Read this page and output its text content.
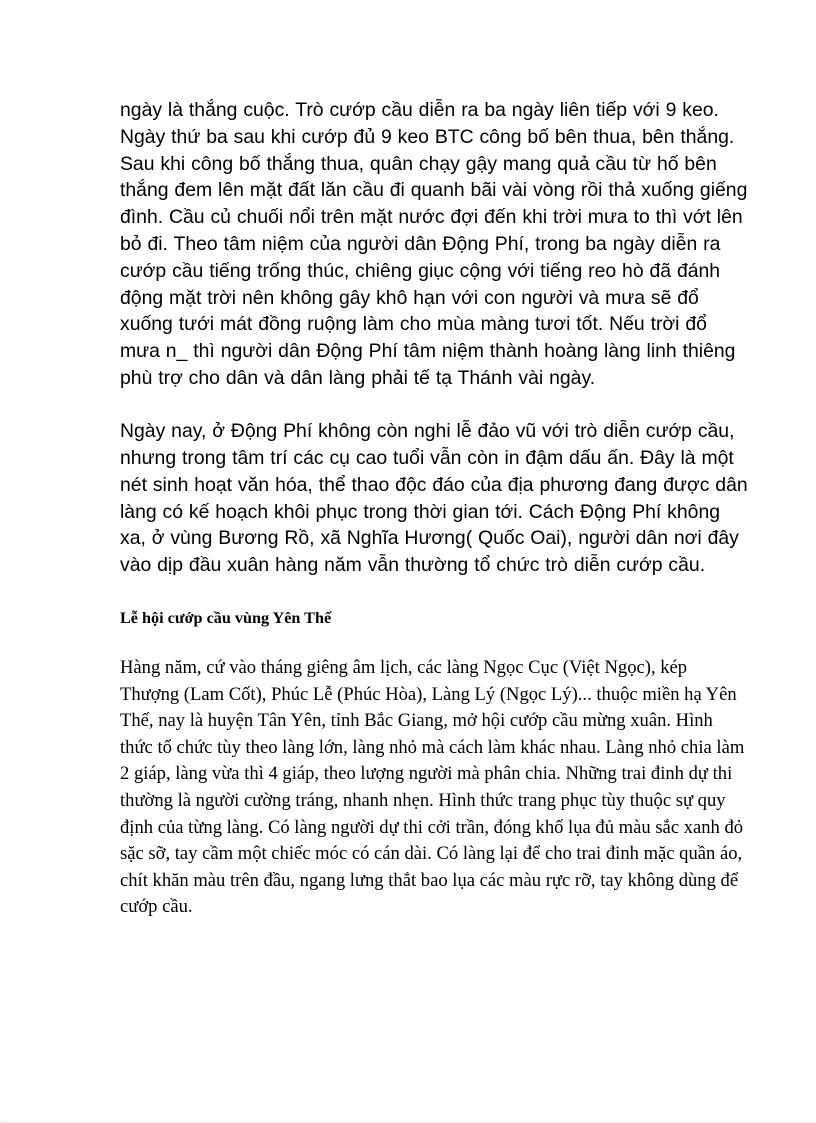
ngày là thắng cuộc. Trò cướp cầu diễn ra ba ngày liên tiếp với 9 keo. Ngày thứ ba sau khi cướp đủ 9 keo BTC công bố bên thua, bên thắng. Sau khi công bố thắng thua, quân chạy gậy mang quả cầu từ hố bên thắng đem lên mặt đất lăn cầu đi quanh bãi vài vòng rồi thả xuống giếng đình. Cầu củ chuối nổi trên mặt nước đợi đến khi trời mưa to thì vớt lên bỏ đi. Theo tâm niệm của người dân Động Phí, trong ba ngày diễn ra cướp cầu tiếng trống thúc, chiêng giục cộng với tiếng reo hò đã đánh động mặt trời nên không gây khô hạn với con người và mưa sẽ đổ xuống tưới mát đồng ruộng làm cho mùa màng tươi tốt. Nếu trời đổ mưa n_ thì người dân Động Phí tâm niệm thành hoàng làng linh thiêng phù trợ cho dân và dân làng phải tế tạ Thánh vài ngày.

Ngày nay, ở Động Phí không còn nghi lễ đảo vũ với trò diễn cướp cầu, nhưng trong tâm trí các cụ cao tuổi vẫn còn in đậm dấu ấn. Đây là một nét sinh hoạt văn hóa, thể thao độc đáo của địa phương đang được dân làng có kế hoạch khôi phục trong thời gian tới. Cách Động Phí không xa, ở vùng Bương Rồ, xã Nghĩa Hương( Quốc Oai), người dân nơi đây vào dịp đầu xuân hàng năm vẫn thường tổ chức trò diễn cướp cầu.

Lễ hội cướp cầu vùng Yên Thế

Hàng năm, cứ vào tháng giêng âm lịch, các làng Ngọc Cục (Việt Ngọc), kép Thượng (Lam Cốt), Phúc Lễ (Phúc Hòa), Làng Lý (Ngọc Lý)... thuộc miền hạ Yên Thế, nay là huyện Tân Yên, tỉnh Bắc Giang, mở hội cướp cầu mừng xuân. Hình thức tổ chức tùy theo làng lớn, làng nhỏ mà cách làm khác nhau. Làng nhỏ chia làm 2 giáp, làng vừa thì 4 giáp, theo lượng người mà phân chia. Những trai đinh dự thi thường là người cường tráng, nhanh nhẹn. Hình thức trang phục tùy thuộc sự quy định của từng làng. Có làng người dự thi cởi trần, đóng khố lụa đủ màu sắc xanh đỏ sặc sỡ, tay cầm một chiếc móc có cán dài. Có làng lại để cho trai đinh mặc quần áo, chít khăn màu trên đầu, ngang lưng thắt bao lụa các màu rực rỡ, tay không dùng để cướp cầu.
